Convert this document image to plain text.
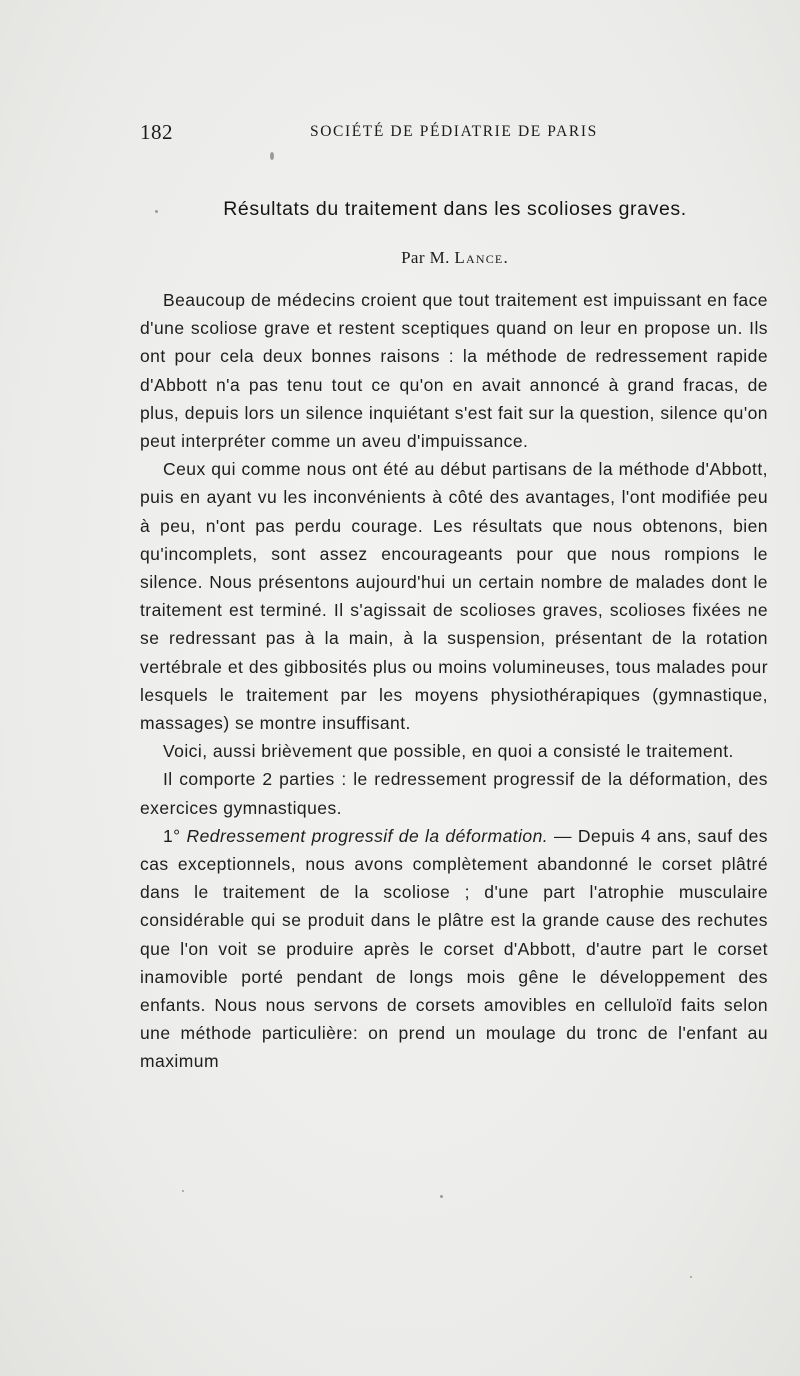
182	SOCIÉTÉ DE PÉDIATRIE DE PARIS
Résultats du traitement dans les scolioses graves.
Par M. Lance.

Beaucoup de médecins croient que tout traitement est impuissant en face d'une scoliose grave et restent sceptiques quand on leur en propose un. Ils ont pour cela deux bonnes raisons : la méthode de redressement rapide d'Abbott n'a pas tenu tout ce qu'on en avait annoncé à grand fracas, de plus, depuis lors un silence inquiétant s'est fait sur la question, silence qu'on peut interpréter comme un aveu d'impuissance.

Ceux qui comme nous ont été au début partisans de la méthode d'Abbott, puis en ayant vu les inconvénients à côté des avantages, l'ont modifiée peu à peu, n'ont pas perdu courage. Les résultats que nous obtenons, bien qu'incomplets, sont assez encourageants pour que nous rompions le silence. Nous présentons aujourd'hui un certain nombre de malades dont le traitement est terminé. Il s'agissait de scolioses graves, scolioses fixées ne se redressant pas à la main, à la suspension, présentant de la rotation vertébrale et des gibbosités plus ou moins volumineuses, tous malades pour lesquels le traitement par les moyens physiothérapiques (gymnastique, massages) se montre insuffisant.

Voici, aussi brièvement que possible, en quoi a consisté le traitement.

Il comporte 2 parties : le redressement progressif de la déformation, des exercices gymnastiques.

1° Redressement progressif de la déformation. — Depuis 4 ans, sauf des cas exceptionnels, nous avons complètement abandonné le corset plâtré dans le traitement de la scoliose ; d'une part l'atrophie musculaire considérable qui se produit dans le plâtre est la grande cause des rechutes que l'on voit se produire après le corset d'Abbott, d'autre part le corset inamovible porté pendant de longs mois gêne le développement des enfants. Nous nous servons de corsets amovibles en celluloïd faits selon une méthode particulière: on prend un moulage du tronc de l'enfant au maximum
